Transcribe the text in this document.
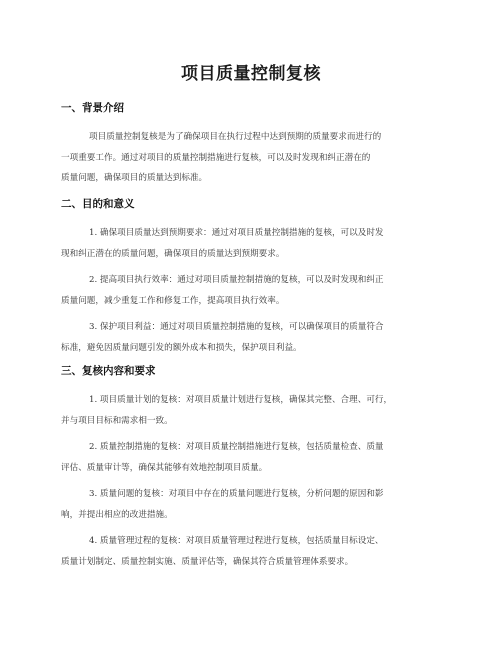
项目质量控制复核
一、背景介绍
项目质量控制复核是为了确保项目在执行过程中达到预期的质量要求而进行的
一项重要工作。通过对项目的质量控制措施进行复核，可以及时发现和纠正潜在的
质量问题，确保项目的质量达到标准。
二、目的和意义
1. 确保项目质量达到预期要求：通过对项目质量控制措施的复核，可以及时发
现和纠正潜在的质量问题，确保项目的质量达到预期要求。
2. 提高项目执行效率：通过对项目质量控制措施的复核，可以及时发现和纠正
质量问题，减少重复工作和修复工作，提高项目执行效率。
3. 保护项目利益：通过对项目质量控制措施的复核，可以确保项目的质量符合
标准，避免因质量问题引发的额外成本和损失，保护项目利益。
三、复核内容和要求
1. 项目质量计划的复核：对项目质量计划进行复核，确保其完整、合理、可行，
并与项目目标和需求相一致。
2. 质量控制措施的复核：对项目质量控制措施进行复核，包括质量检查、质量
评估、质量审计等，确保其能够有效地控制项目质量。
3. 质量问题的复核：对项目中存在的质量问题进行复核，分析问题的原因和影
响，并提出相应的改进措施。
4. 质量管理过程的复核：对项目质量管理过程进行复核，包括质量目标设定、
质量计划制定、质量控制实施、质量评估等，确保其符合质量管理体系要求。
